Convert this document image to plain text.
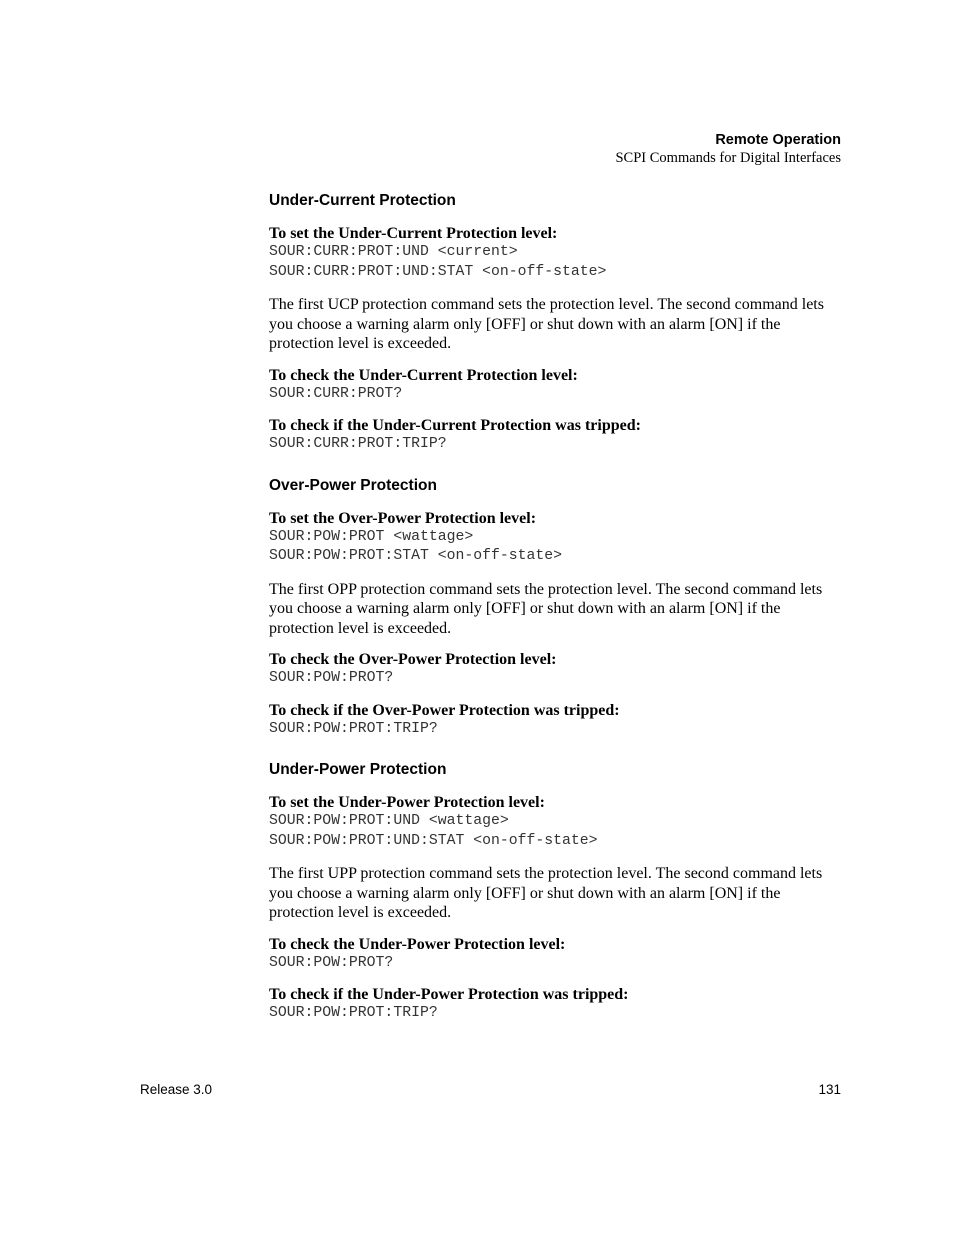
Remote Operation
SCPI Commands for Digital Interfaces
Under-Current Protection
To set the Under-Current Protection level:
SOUR:CURR:PROT:UND <current>
SOUR:CURR:PROT:UND:STAT <on-off-state>
The first UCP protection command sets the protection level. The second command lets you choose a warning alarm only [OFF] or shut down with an alarm [ON] if the protection level is exceeded.
To check the Under-Current Protection level:
SOUR:CURR:PROT?
To check if the Under-Current Protection was tripped:
SOUR:CURR:PROT:TRIP?
Over-Power Protection
To set the Over-Power Protection level:
SOUR:POW:PROT <wattage>
SOUR:POW:PROT:STAT <on-off-state>
The first OPP protection command sets the protection level. The second command lets you choose a warning alarm only [OFF] or shut down with an alarm [ON] if the protection level is exceeded.
To check the Over-Power Protection level:
SOUR:POW:PROT?
To check if the Over-Power Protection was tripped:
SOUR:POW:PROT:TRIP?
Under-Power Protection
To set the Under-Power Protection level:
SOUR:POW:PROT:UND <wattage>
SOUR:POW:PROT:UND:STAT <on-off-state>
The first UPP protection command sets the protection level. The second command lets you choose a warning alarm only [OFF] or shut down with an alarm [ON] if the protection level is exceeded.
To check the Under-Power Protection level:
SOUR:POW:PROT?
To check if the Under-Power Protection was tripped:
SOUR:POW:PROT:TRIP?
Release 3.0	131
